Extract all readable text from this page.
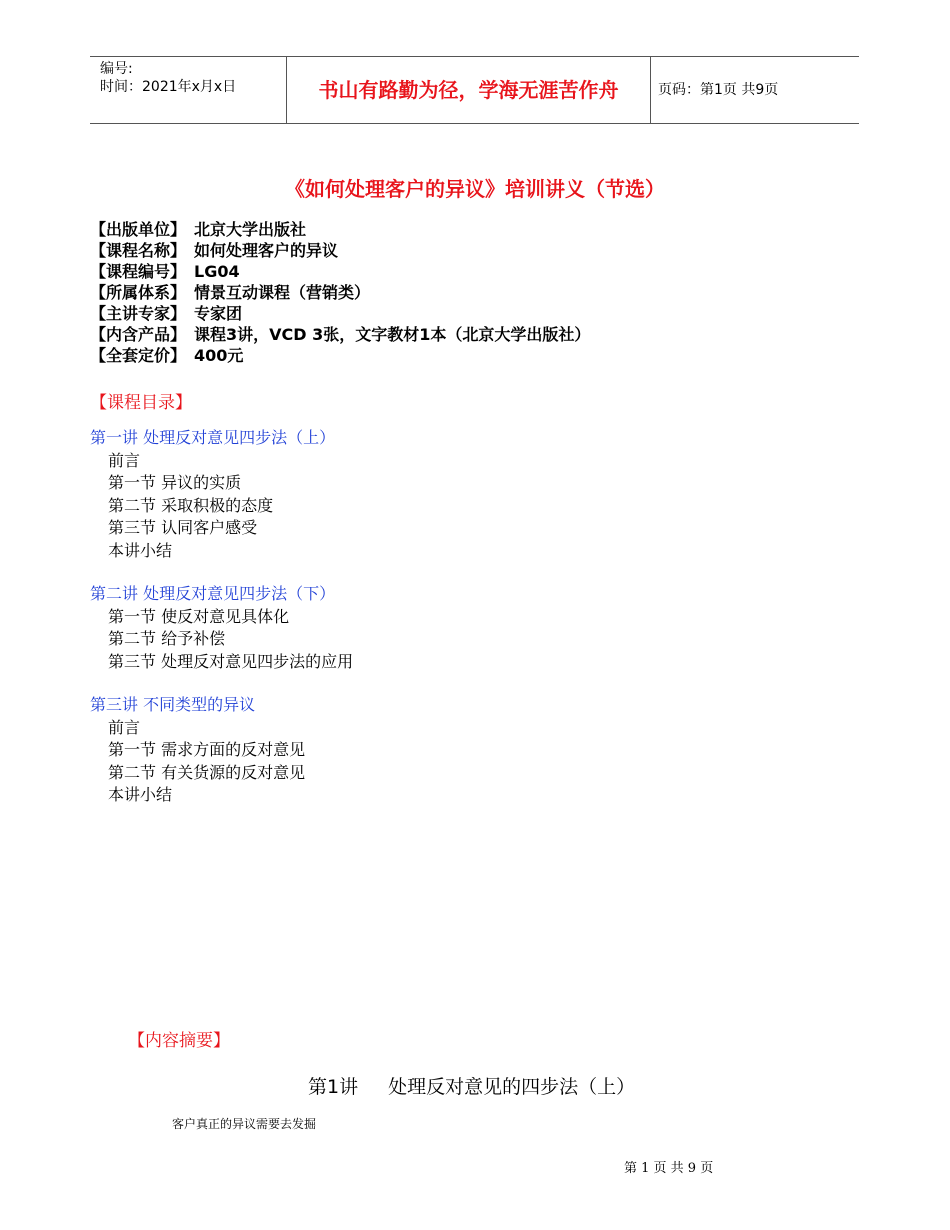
编号:
时间：2021年x月x日	书山有路勤为径，学海无涯苦作舟	页码：第1页 共9页
《如何处理客户的异议》培训讲义（节选）
【出版单位】 北京大学出版社
【课程名称】 如何处理客户的异议
【课程编号】 LG04
【所属体系】 情景互动课程（营销类）
【主讲专家】 专家团
【内含产品】 课程3讲，VCD 3张，文字教材1本（北京大学出版社）
【全套定价】 400元
【课程目录】
第一讲 处理反对意见四步法（上）
前言
第一节 异议的实质
第二节 采取积极的态度
第三节 认同客户感受
本讲小结
第二讲 处理反对意见四步法（下）
第一节 使反对意见具体化
第二节 给予补偿
第三节 处理反对意见四步法的应用
第三讲 不同类型的异议
前言
第一节 需求方面的反对意见
第二节 有关货源的反对意见
本讲小结
【内容摘要】
第1讲 处理反对意见的四步法（上）
客户真正的异议需要去发掘
第 1 页 共 9 页
